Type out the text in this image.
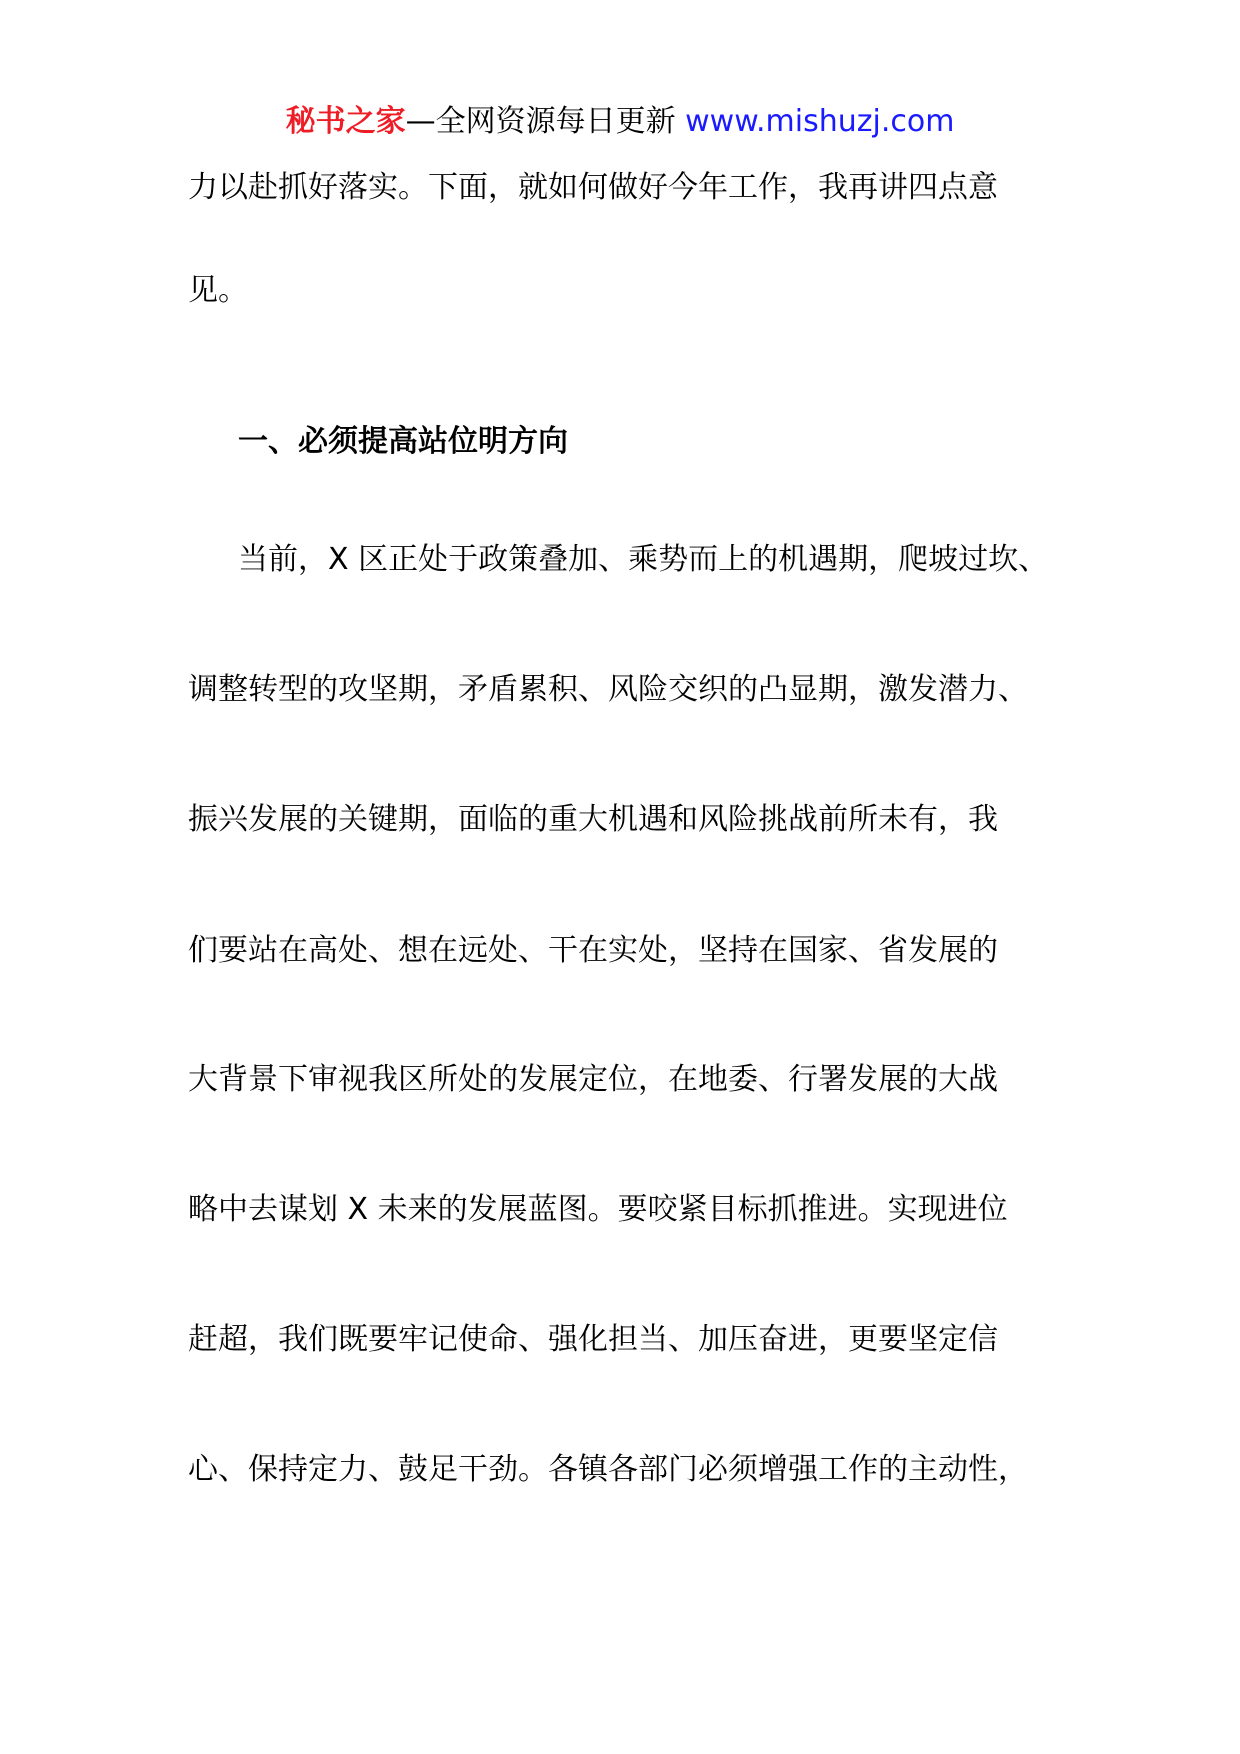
秘书之家—全网资源每日更新 www.mishuzj.com
力以赴抓好落实。下面，就如何做好今年工作，我再讲四点意
见。
一、必须提高站位明方向
当前，X 区正处于政策叠加、乘势而上的机遇期，爬坡过坎、
调整转型的攻坚期，矛盾累积、风险交织的凸显期，激发潜力、
振兴发展的关键期，面临的重大机遇和风险挑战前所未有，我
们要站在高处、想在远处、干在实处，坚持在国家、省发展的
大背景下审视我区所处的发展定位，在地委、行署发展的大战
略中去谋划 X 未来的发展蓝图。要咬紧目标抓推进。实现进位
赶超，我们既要牢记使命、强化担当、加压奋进，更要坚定信
心、保持定力、鼓足干劲。各镇各部门必须增强工作的主动性，
